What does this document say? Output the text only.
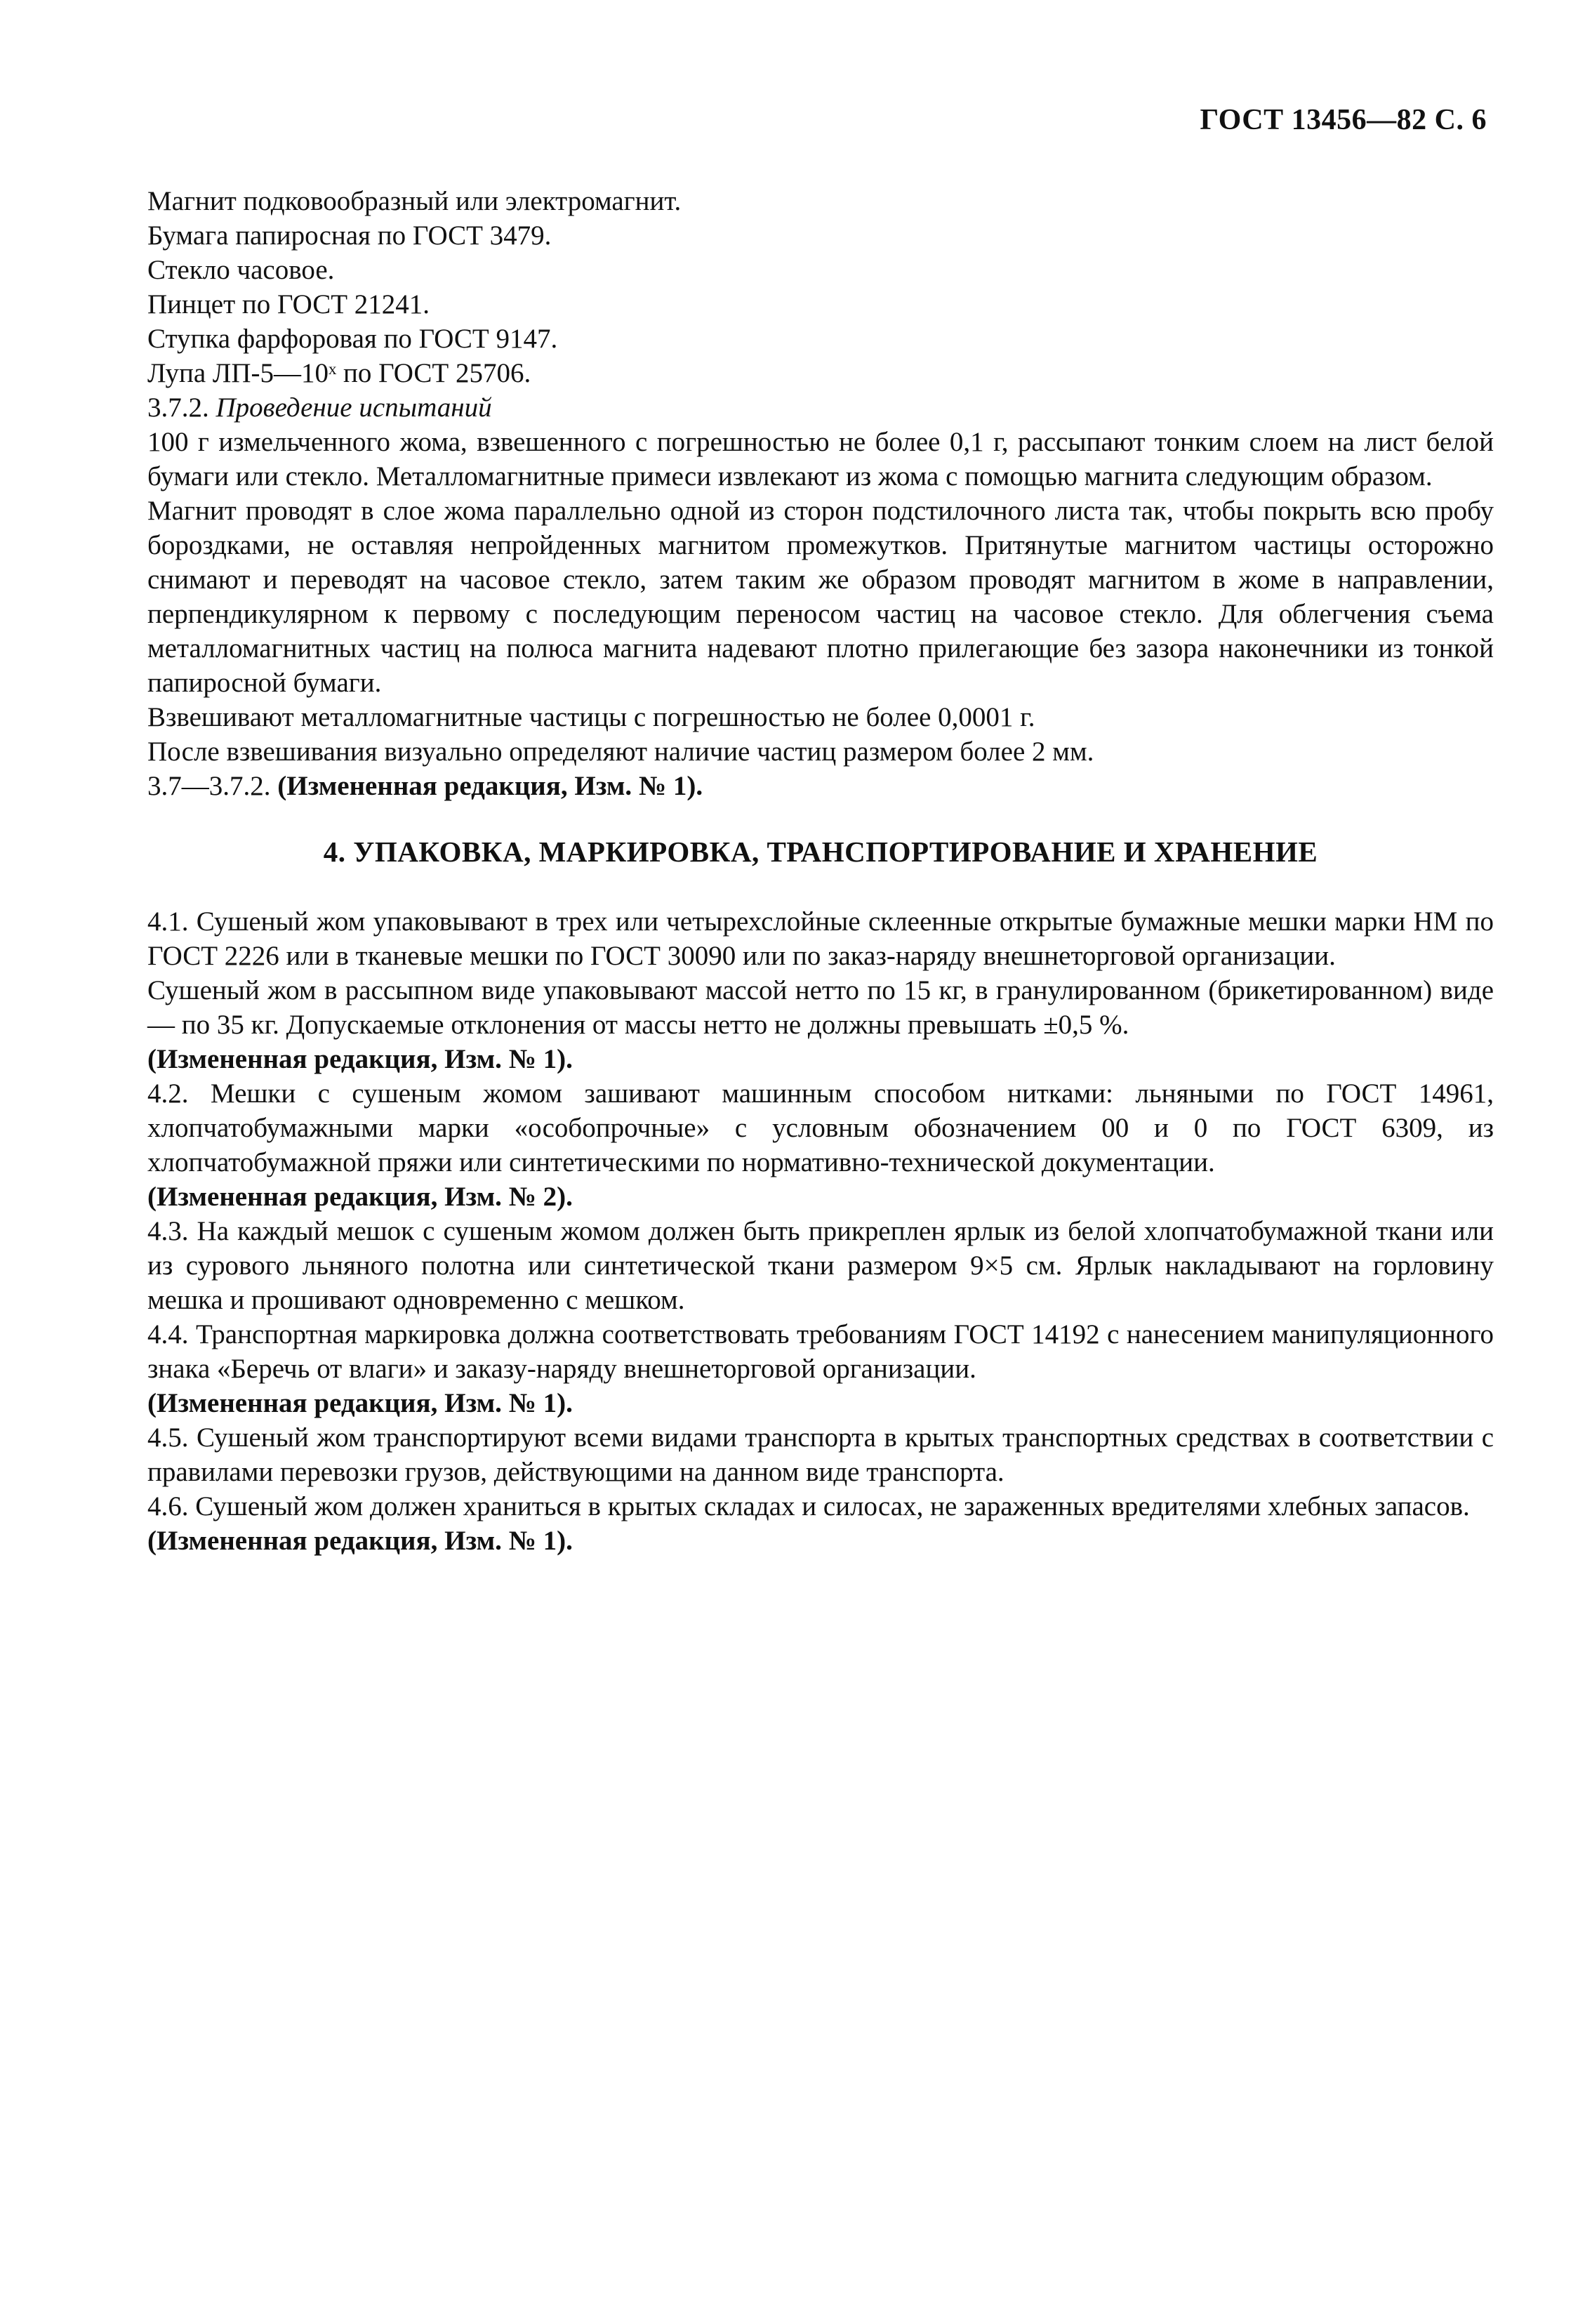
ГОСТ 13456—82 С. 6

Магнит подковообразный или электромагнит.

Бумага папиросная по ГОСТ 3479.

Стекло часовое.

Пинцет по ГОСТ 21241.

Ступка фарфоровая по ГОСТ 9147.

Лупа ЛП-5—10ˣ по ГОСТ 25706.

3.7.2. Проведение испытаний

100 г измельченного жома, взвешенного с погрешностью не более 0,1 г, рассыпают тонким слоем на лист белой бумаги или стекло. Металломагнитные примеси извлекают из жома с помощью магнита следующим образом.

Магнит проводят в слое жома параллельно одной из сторон подстилочного листа так, чтобы покрыть всю пробу бороздками, не оставляя непройденных магнитом промежутков. Притянутые магнитом частицы осторожно снимают и переводят на часовое стекло, затем таким же образом проводят магнитом в жоме в направлении, перпендикулярном к первому с последующим переносом частиц на часовое стекло. Для облегчения съема металломагнитных частиц на полюса магнита надевают плотно прилегающие без зазора наконечники из тонкой папиросной бумаги.

Взвешивают металломагнитные частицы с погрешностью не более 0,0001 г.

После взвешивания визуально определяют наличие частиц размером более 2 мм.

3.7—3.7.2. (Измененная редакция, Изм. № 1).

4. УПАКОВКА, МАРКИРОВКА, ТРАНСПОРТИРОВАНИЕ И ХРАНЕНИЕ

4.1. Сушеный жом упаковывают в трех или четырехслойные склеенные открытые бумажные мешки марки НМ по ГОСТ 2226 или в тканевые мешки по ГОСТ 30090 или по заказ-наряду внешнеторговой организации.

Сушеный жом в рассыпном виде упаковывают массой нетто по 15 кг, в гранулированном (брикетированном) виде — по 35 кг. Допускаемые отклонения от массы нетто не должны превышать ±0,5 %.

(Измененная редакция, Изм. № 1).

4.2. Мешки с сушеным жомом зашивают машинным способом нитками: льняными по ГОСТ 14961, хлопчатобумажными марки «особопрочные» с условным обозначением 00 и 0 по ГОСТ 6309, из хлопчатобумажной пряжи или синтетическими по нормативно-технической документации.

(Измененная редакция, Изм. № 2).

4.3. На каждый мешок с сушеным жомом должен быть прикреплен ярлык из белой хлопчатобумажной ткани или из сурового льняного полотна или синтетической ткани размером 9×5 см. Ярлык накладывают на горловину мешка и прошивают одновременно с мешком.

4.4. Транспортная маркировка должна соответствовать требованиям ГОСТ 14192 с нанесением манипуляционного знака «Беречь от влаги» и заказу-наряду внешнеторговой организации.

(Измененная редакция, Изм. № 1).

4.5. Сушеный жом транспортируют всеми видами транспорта в крытых транспортных средствах в соответствии с правилами перевозки грузов, действующими на данном виде транспорта.

4.6. Сушеный жом должен храниться в крытых складах и силосах, не зараженных вредителями хлебных запасов.

(Измененная редакция, Изм. № 1).
